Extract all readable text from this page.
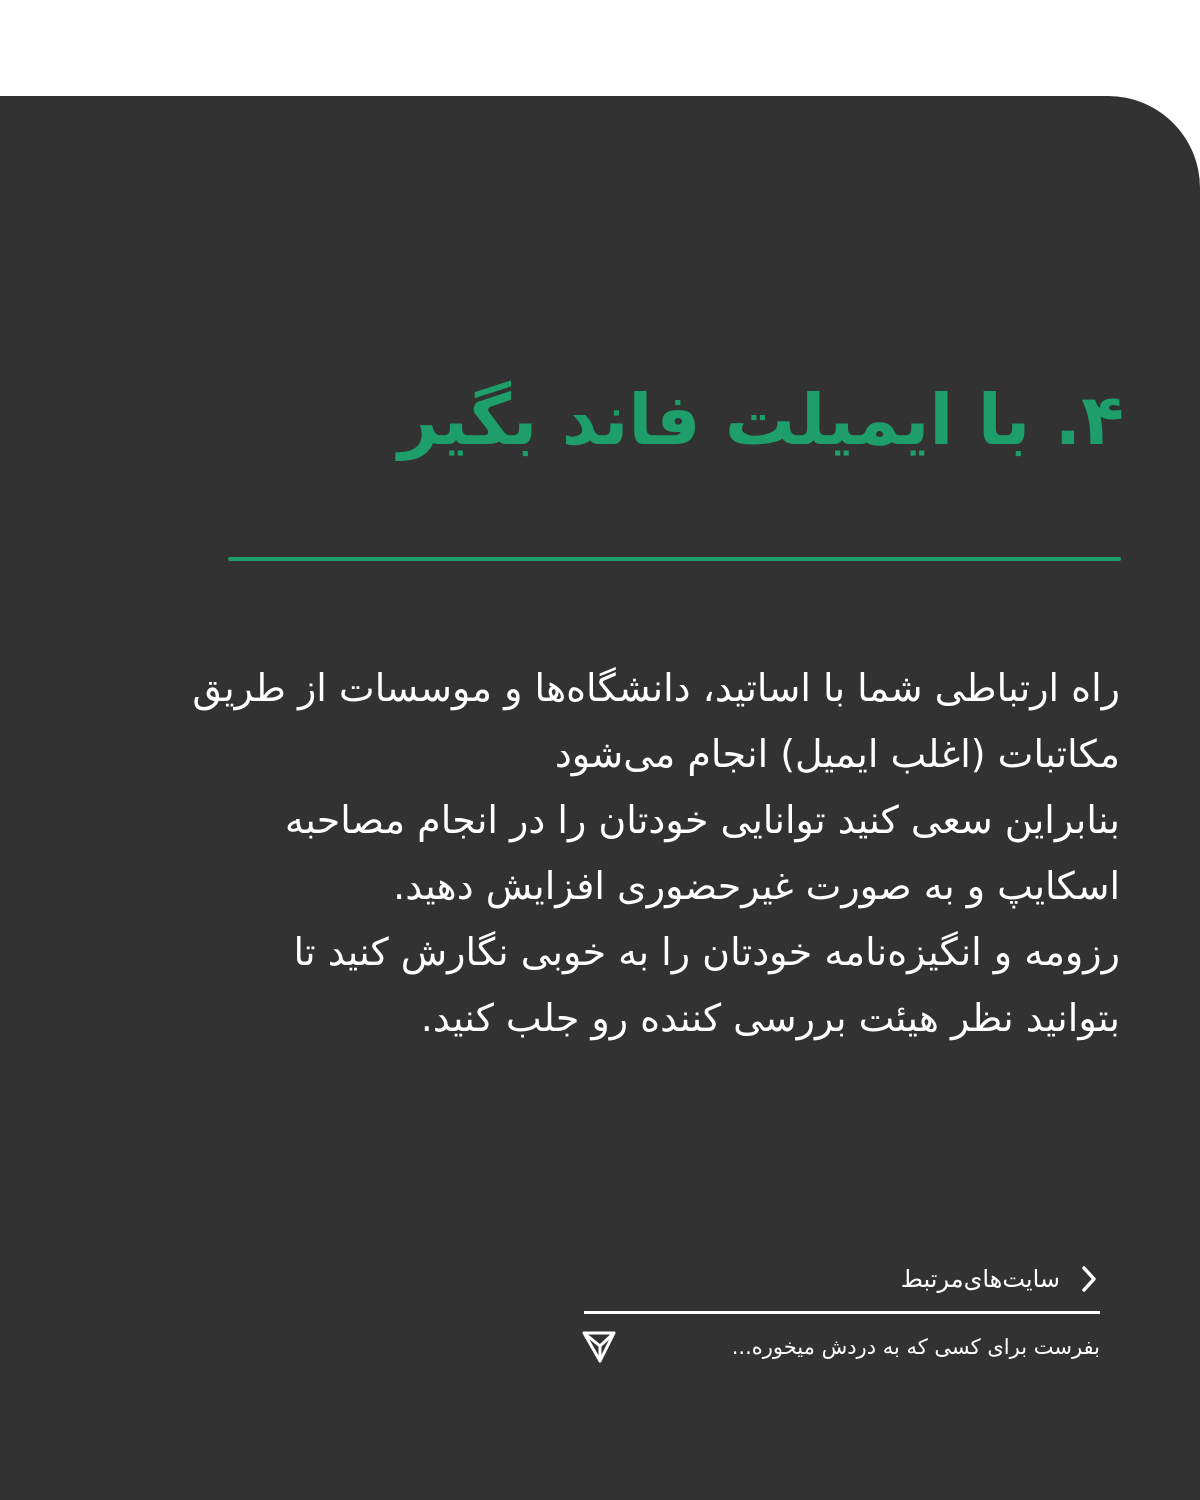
۴. با ایمیلت فاند بگیر
راه ارتباطی شما با اساتید، دانشگاه‌ها و موسسات از طریق
مکاتبات (اغلب ایمیل) انجام می‌شود
بنابراین سعی کنید توانایی خودتان را در انجام مصاحبه
اسکایپ و به صورت غیرحضوری افزایش دهید.
رزومه و انگیزه‌نامه خودتان را به خوبی نگارش کنید تا
بتوانید نظر هیئت بررسی کننده رو جلب کنید.
سایت‌های‌مرتبط
بفرست برای کسی که به دردش میخوره...
